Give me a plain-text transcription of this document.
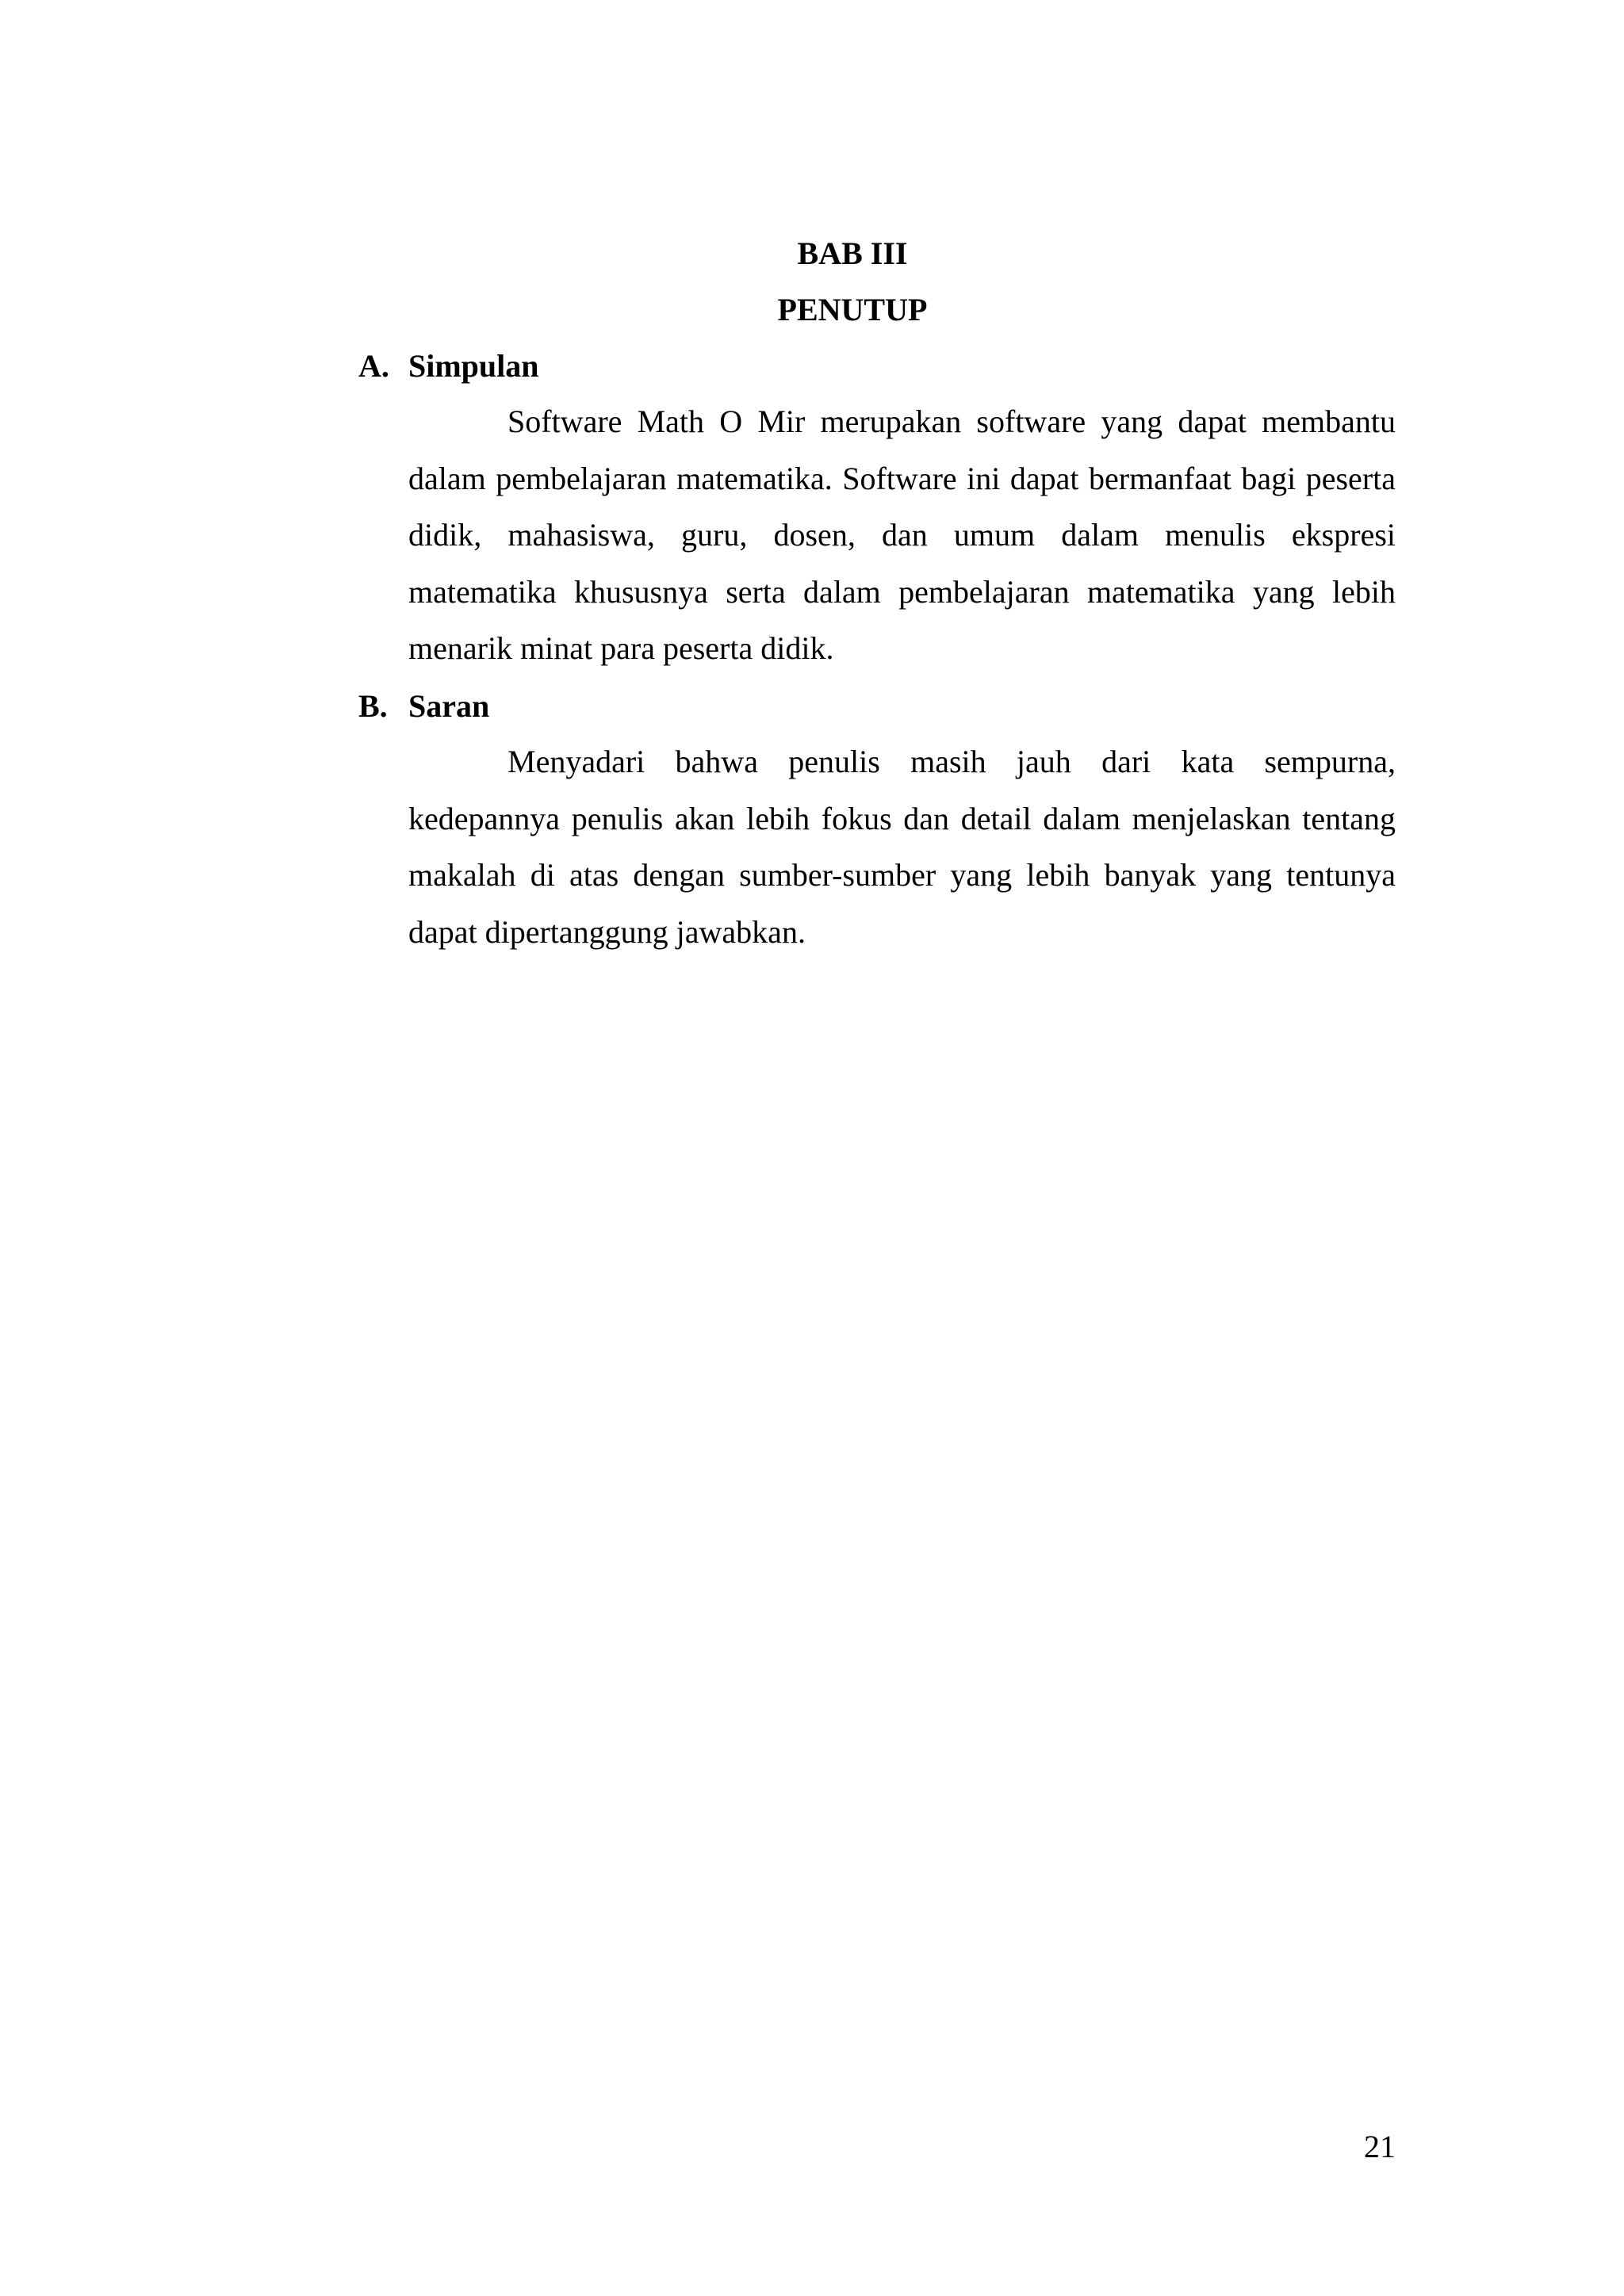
BAB III
PENUTUP
A. Simpulan

Software Math O Mir merupakan software yang dapat membantu dalam pembelajaran matematika. Software ini dapat bermanfaat bagi peserta didik, mahasiswa, guru, dosen, dan umum dalam menulis ekspresi matematika khususnya serta dalam pembelajaran matematika yang lebih menarik minat para peserta didik.

B. Saran

Menyadari bahwa penulis masih jauh dari kata sempurna, kedepannya penulis akan lebih fokus dan detail dalam menjelaskan tentang makalah di atas dengan sumber-sumber yang lebih banyak yang tentunya dapat dipertanggung jawabkan.

21
